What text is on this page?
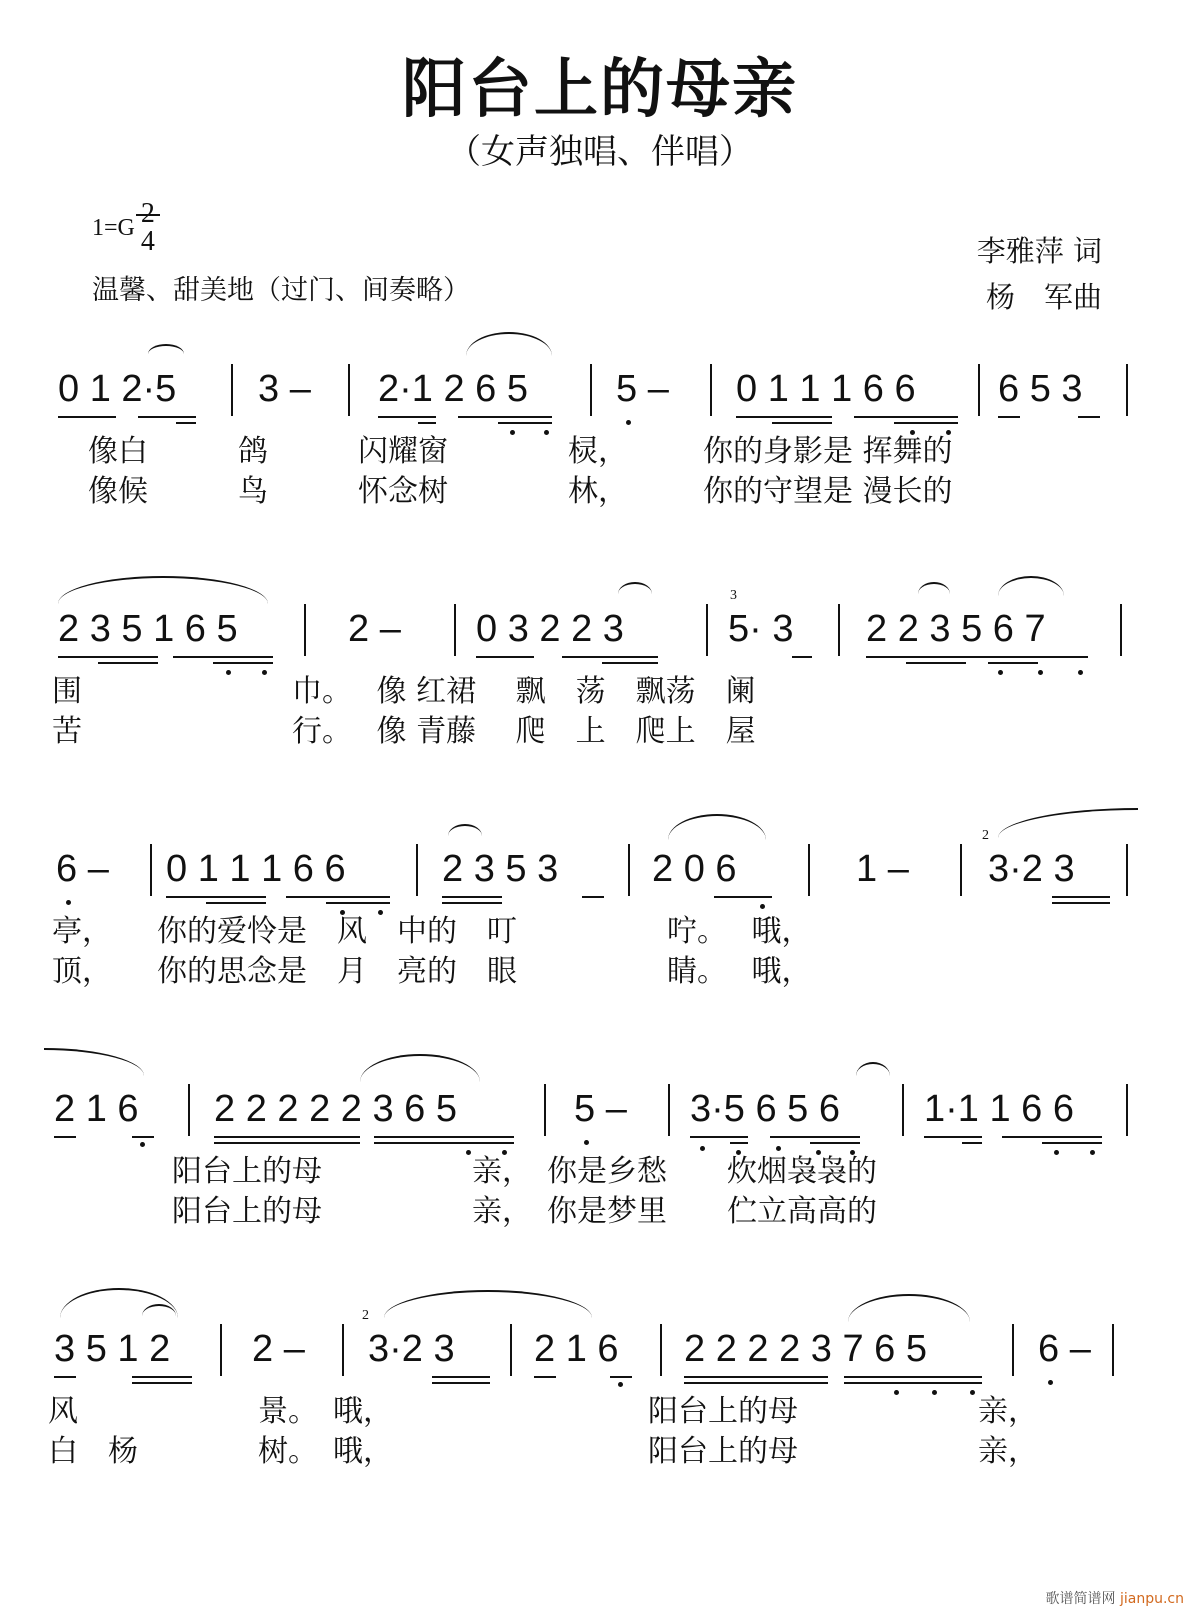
阳台上的母亲
（女声独唱、伴唱）
1=G 4
温馨、甜美地（过门、间奏略）
李雅萍 词
杨　军曲
0 1 2·5 3 – 2·1 2 6 5 5 – 0 1 1 1 6 6 6 5 3
像白　　　鸽　　　闪耀窗　　　　棂，　　　你的身影是 挥舞的
像候　　　鸟　　　怀念树　　　　林，　　　你的守望是 漫长的
2 3 5 1 6 5	2 – 0 3 2 2 3
3
5· 3 2 2 3 5 6 7
围　　　　　　　巾。　 像 红裙　 飘　荡　飘荡　阑
苦　　　　　　　行。　 像 青藤　 爬　上　爬上　屋
6 – 0 1 1 1 6 6	2 3 5 3 2 0 6	1 –
2
3·2 3
亭，　　你的爱怜是　风　中的　叮　　　　　咛。　 哦，
顶，　　你的思念是　月　亮的　眼　　　　　睛。　 哦，
2 1 6 2 2 2 2 2 3 6 5	5 – 3·5 6 5 6 1·1 1 6 6
　　　　阳台上的母　　　　　亲，　你是乡愁　　炊烟袅袅的
　　　　阳台上的母　　　　　亲，　你是梦里　　伫立高高的
3 5 1 2 2 –
2
3·2 3 2 1 6 2 2 2 2 3 7 6 5	6 –
风　　　　　　景。　哦，　　　　　　　　　阳台上的母　　　　　　亲，
白　杨　　　　树。　哦，　　　　　　　　　阳台上的母　　　　　　亲，
歌谱简谱网 jianpu.cn
